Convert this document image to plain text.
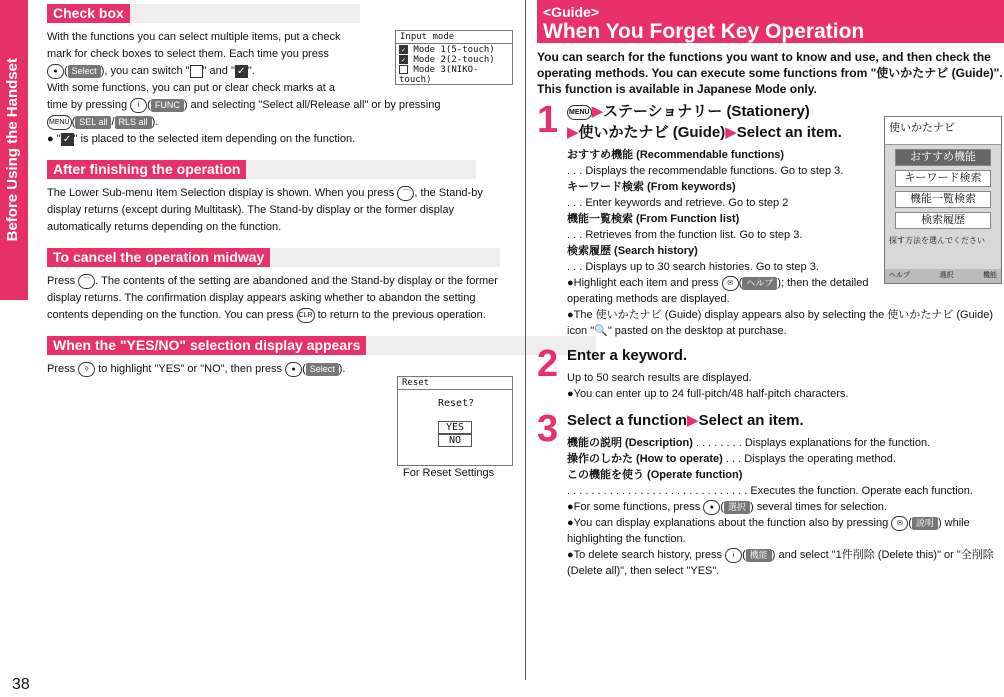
Before Using the Handset
38
Check box
With the functions you can select multiple items, put a check
mark for check boxes to select them. Each time you press
● ( Select ), you can switch " " and " ✓ ".
With some functions, you can put or clear check marks at a
time by pressing i ( FUNC ) and selecting "Select all/Release all" or by pressing
MENU ( SEL all / RLS all ).
● " ✓ " is placed to the selected item depending on the function.
After finishing the operation
The Lower Sub-menu Item Selection display is shown. When you press ⌒ , the Stand-by display returns (except during Multitask). The Stand-by display or the former display automatically returns depending on the function.
To cancel the operation midway
Press ⌒ . The contents of the setting are abandoned and the Stand-by display or the former display returns. The confirmation display appears asking whether to abandon the setting contents depending on the function. You can press CLR to return to the previous operation.
When the "YES/NO" selection display appears
Press ◊ to highlight "YES" or "NO", then press ● ( Select ).
Input mode
✓ Mode 1(5-touch)
✓ Mode 2(2-touch)
Mode 3(NIKO-touch)
Reset
Reset?
YES
NO
For Reset Settings
<Guide>
When You Forget Key Operation
You can search for the functions you want to know and use, and then check the operating methods. You can execute some functions from "使いかたナビ (Guide)". This function is available in Japanese Mode only.
1 MENU ▶ステーショナリー (Stationery)
▶使いかたナビ (Guide)▶Select an item.
おすすめ機能 (Recommendable functions)
. . . Displays the recommendable functions. Go to step 3.
キーワード検索 (From keywords)
. . . Enter keywords and retrieve. Go to step 2
機能一覧検索 (From Function list)
. . . Retrieves from the function list. Go to step 3.
検索履歴 (Search history)
. . . Displays up to 30 search histories. Go to step 3.
●Highlight each item and press ✉ ( ヘルプ ); then the detailed operating methods are displayed.
●The 使いかたナビ (Guide) display appears also by selecting the 使いかたナビ (Guide) icon "🔍" pasted on the desktop at purchase.
2 Enter a keyword.
Up to 50 search results are displayed.
●You can enter up to 24 full-pitch/48 half-pitch characters.
3 Select a function▶Select an item.
機能の説明 (Description) . . . . . . . . Displays explanations for the function.
操作のしかた (How to operate) . . . Displays the operating method.
この機能を使う (Operate function)
. . . . . . . . . . . . . . . . . . . . . . . . . . . . . . Executes the function. Operate each function.
●For some functions, press ● ( 選択 ) several times for selection.
●You can display explanations about the function also by pressing ✉ ( 説明 ) while highlighting the function.
●To delete search history, press i ( 機能 ) and select "1件削除 (Delete this)" or "全削除 (Delete all)", then select "YES".
使いかたナビ
おすすめ機能
キーワード検索
機能一覧検索
検索履歴
探す方法を選んでください
ヘルプ	選択	機能
